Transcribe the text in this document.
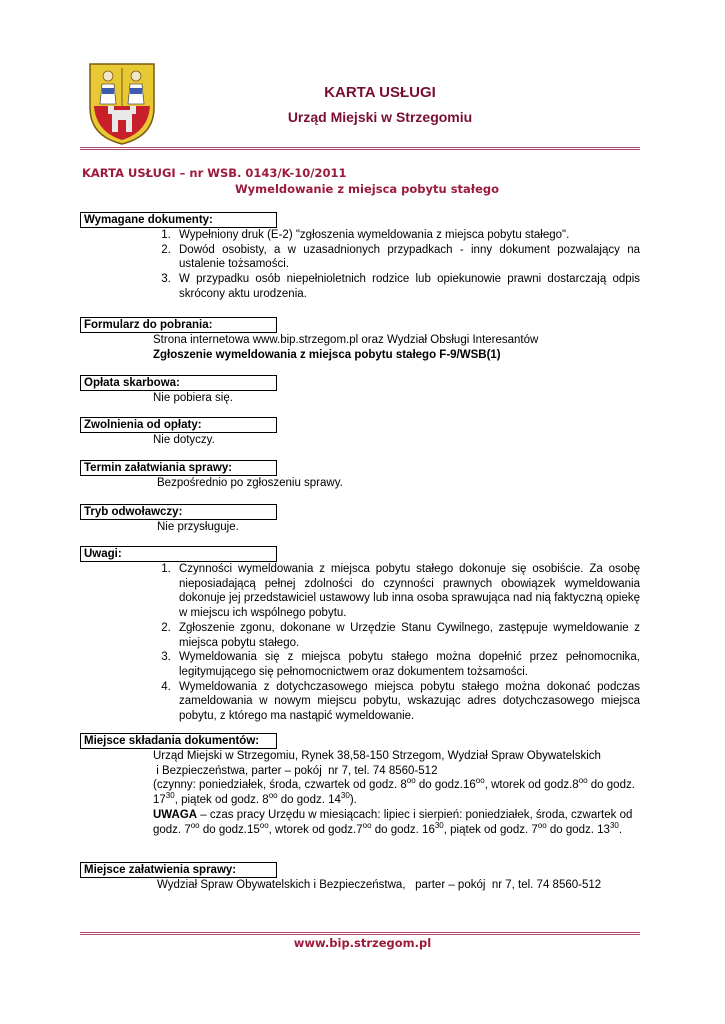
KARTA USŁUGI
Urząd Miejski w Strzegomiu
KARTA USŁUGI – nr WSB. 0143/K-10/2011
Wymeldowanie z miejsca pobytu stałego
Wymagane dokumenty:
1. Wypełniony druk (E-2) "zgłoszenia wymeldowania z miejsca pobytu stałego".
2. Dowód osobisty, a w uzasadnionych przypadkach - inny dokument pozwalający na ustalenie tożsamości.
3. W przypadku osób niepełnioletnich rodzice lub opiekunowie prawni dostarczają odpis skrócony aktu urodzenia.
Formularz do pobrania:
Strona internetowa www.bip.strzegom.pl oraz Wydział Obsługi Interesantów
Zgłoszenie wymeldowania z miejsca pobytu stałego F-9/WSB(1)
Opłata skarbowa:
Nie pobiera się.
Zwolnienia od opłaty:
Nie dotyczy.
Termin załatwiania sprawy:
Bezpośrednio po zgłoszeniu sprawy.
Tryb odwoławczy:
Nie przysługuje.
Uwagi:
1. Czynności wymeldowania z miejsca pobytu stałego dokonuje się osobiście. Za osobę nieposiadającą pełnej zdolności do czynności prawnych obowiązek wymeldowania dokonuje jej przedstawiciel ustawowy lub inna osoba sprawująca nad nią faktyczną opiekę w miejscu ich wspólnego pobytu.
2. Zgłoszenie zgonu, dokonane w Urzędzie Stanu Cywilnego, zastępuje wymeldowanie z miejsca pobytu stałego.
3. Wymeldowania się z miejsca pobytu stałego można dopełnić przez pełnomocnika, legitymującego się pełnomocnictwem oraz dokumentem tożsamości.
4. Wymeldowania z dotychczasowego miejsca pobytu stałego można dokonać podczas zameldowania w nowym miejscu pobytu, wskazując adres dotychczasowego miejsca pobytu, z którego ma nastąpić wymeldowanie.
Miejsce składania dokumentów:
Urząd Miejski w Strzegomiu, Rynek 38,58-150 Strzegom, Wydział Spraw Obywatelskich
i Bezpieczeństwa, parter – pokój  nr 7, tel. 74 8560-512
(czynny: poniedziałek, środa, czwartek od godz. $8^{oo}$ do $godz.16^{oo}$, wtorek od $godz.8^{oo}$ do godz. $17^{30}$, piątek od godz. $8^{oo}$ do godz. $14^{30}$).
UWAGA – czas pracy Urzędu w miesiącach: lipiec i sierpień: poniedziałek, środa, czwartek od godz. $7^{oo}$ do $godz.15^{oo}$, wtorek od $godz.7^{oo}$ do godz. $16^{30}$, piątek od godz. $7^{oo}$ do godz. $13^{30}$.
Miejsce załatwienia sprawy:
Wydział Spraw Obywatelskich i Bezpieczeństwa,   parter – pokój  nr 7, tel. 74 8560-512
www.bip.strzegom.pl
